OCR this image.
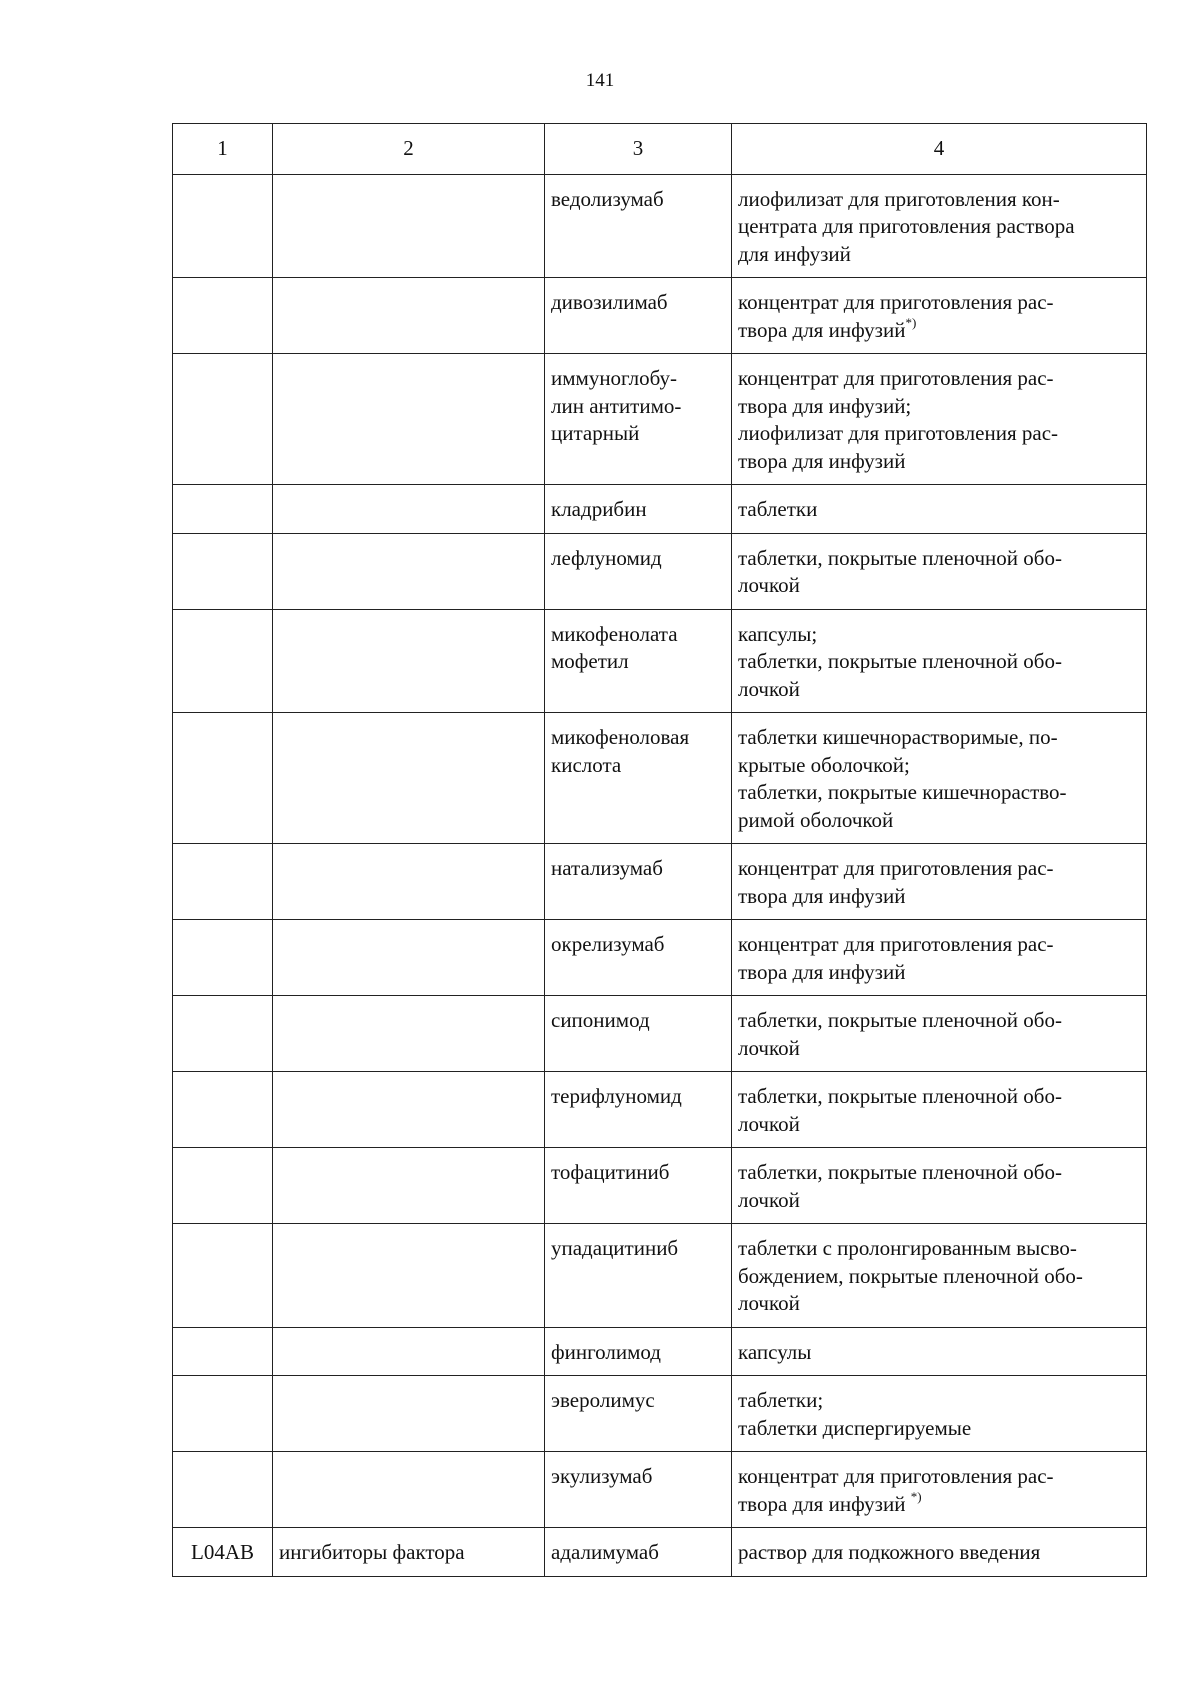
141
1	2	3	4

		ведолизумаб	лиофилизат для приготовления кон-
центрата для приготовления раствора
для инфузий

		дивозилимаб	концентрат для приготовления рас-
твора для инфузий*)

		иммуноглобу-
лин антитимо-
цитарный	концентрат для приготовления рас-
твора для инфузий;
лиофилизат для приготовления рас-
твора для инфузий

		кладрибин	таблетки

		лефлуномид	таблетки, покрытые пленочной обо-
лочкой

		микофенолата
мофетил	капсулы;
таблетки, покрытые пленочной обо-
лочкой

		микофеноловая
кислота	таблетки кишечнорастворимые, по-
крытые оболочкой;
таблетки, покрытые кишечнораство-
римой оболочкой

		натализумаб	концентрат для приготовления рас-
твора для инфузий

		окрелизумаб	концентрат для приготовления рас-
твора для инфузий

		сипонимод	таблетки, покрытые пленочной обо-
лочкой

		терифлуномид	таблетки, покрытые пленочной обо-
лочкой

		тофацитиниб	таблетки, покрытые пленочной обо-
лочкой

		упадацитиниб	таблетки с пролонгированным высво-
бождением, покрытые пленочной обо-
лочкой

		финголимод	капсулы

		эверолимус	таблетки;
таблетки диспергируемые

		экулизумаб	концентрат для приготовления рас-
твора для инфузий *)

L04AB	ингибиторы фактора	адалимумаб	раствор для подкожного введения
